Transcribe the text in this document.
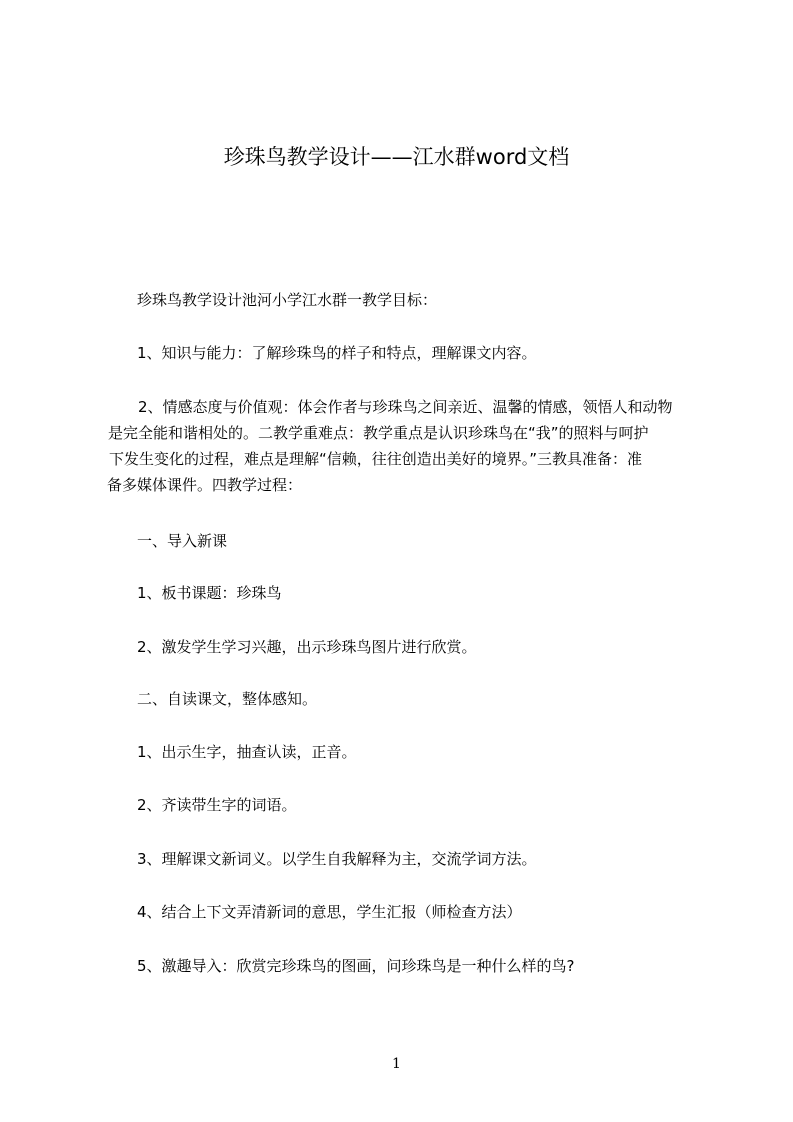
珍珠鸟教学设计——江水群word文档
珍珠鸟教学设计池河小学江水群一教学目标：
1、知识与能力：了解珍珠鸟的样子和特点，理解课文内容。
2、情感态度与价值观：体会作者与珍珠鸟之间亲近、温馨的情感，领悟人和动物
是完全能和谐相处的。二教学重难点：教学重点是认识珍珠鸟在“我”的照料与呵护
下发生变化的过程，难点是理解“信赖，往往创造出美好的境界。”三教具准备：准
备多媒体课件。四教学过程：
一、导入新课
1、板书课题：珍珠鸟
2、激发学生学习兴趣，出示珍珠鸟图片进行欣赏。
二、自读课文，整体感知。
1、出示生字，抽查认读，正音。
2、齐读带生字的词语。
3、理解课文新词义。以学生自我解释为主，交流学词方法。
4、结合上下文弄清新词的意思，学生汇报（师检查方法）
5、激趣导入：欣赏完珍珠鸟的图画，问珍珠鸟是一种什么样的鸟?
1
